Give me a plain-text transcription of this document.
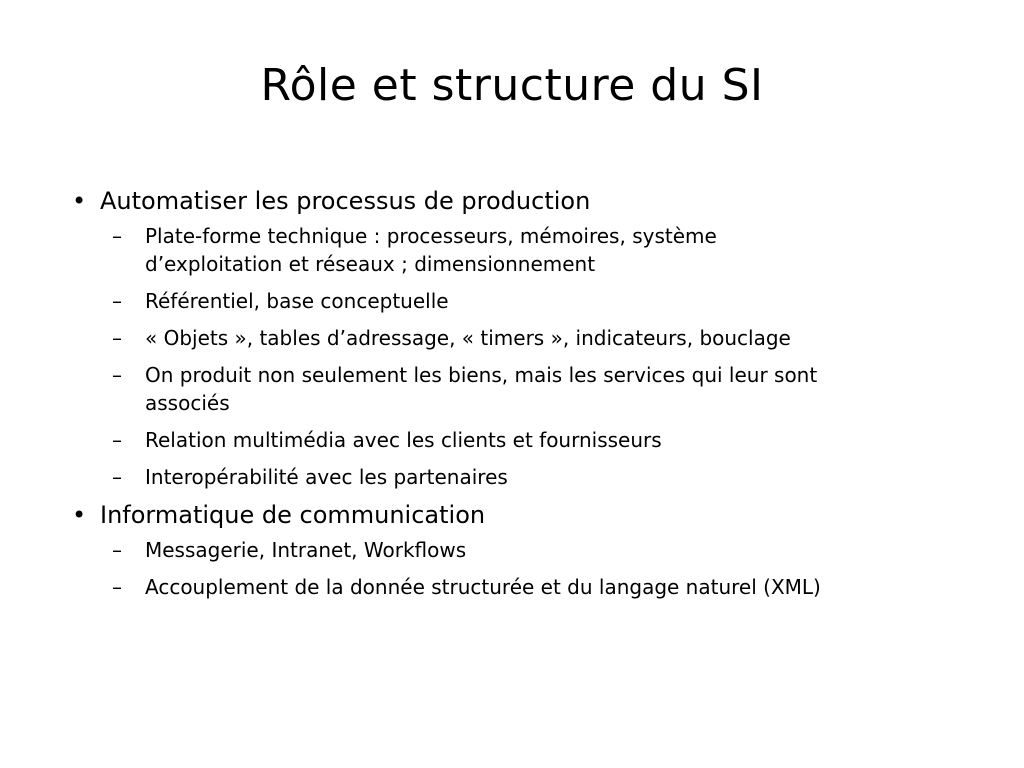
Rôle et structure du SI
• Automatiser les processus de production
– Plate-forme technique : processeurs, mémoires, système
d’exploitation et réseaux ; dimensionnement
– Référentiel, base conceptuelle
– « Objets », tables d’adressage, « timers », indicateurs, bouclage
– On produit non seulement les biens, mais les services qui leur sont
associés
– Relation multimédia avec les clients et fournisseurs
– Interopérabilité avec les partenaires
• Informatique de communication
– Messagerie, Intranet, Workflows
– Accouplement de la donnée structurée et du langage naturel (XML)
